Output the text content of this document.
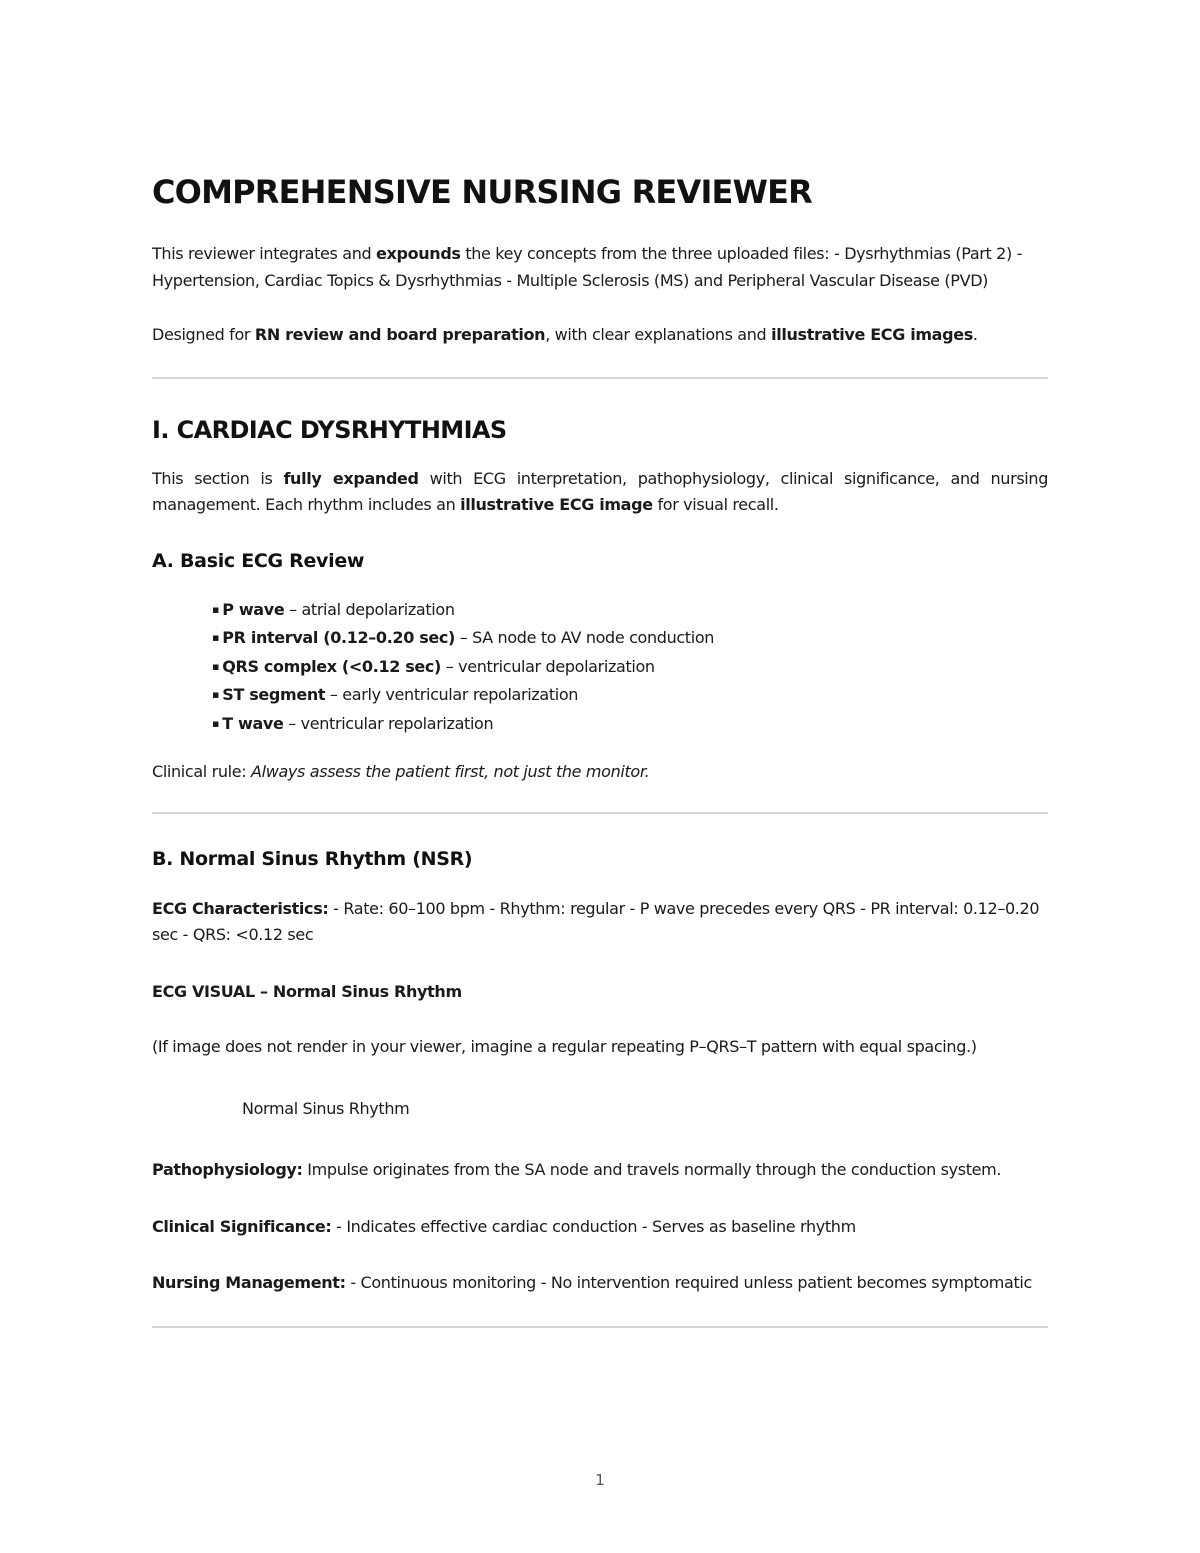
COMPREHENSIVE NURSING REVIEWER

This reviewer integrates and expounds the key concepts from the three uploaded files: - Dysrhythmias (Part 2) - Hypertension, Cardiac Topics & Dysrhythmias - Multiple Sclerosis (MS) and Peripheral Vascular Disease (PVD)

Designed for RN review and board preparation, with clear explanations and illustrative ECG images.

I. CARDIAC DYSRHYTHMIAS

This section is fully expanded with ECG interpretation, pathophysiology, clinical significance, and nursing management. Each rhythm includes an illustrative ECG image for visual recall.

A. Basic ECG Review
▪ P wave – atrial depolarization
▪ PR interval (0.12–0.20 sec) – SA node to AV node conduction
▪ QRS complex (<0.12 sec) – ventricular depolarization
▪ ST segment – early ventricular repolarization
▪ T wave – ventricular repolarization

Clinical rule: Always assess the patient first, not just the monitor.

B. Normal Sinus Rhythm (NSR)

ECG Characteristics: - Rate: 60–100 bpm - Rhythm: regular - P wave precedes every QRS - PR interval: 0.12–0.20 sec - QRS: <0.12 sec

ECG VISUAL – Normal Sinus Rhythm

(If image does not render in your viewer, imagine a regular repeating P–QRS–T pattern with equal spacing.)

Normal Sinus Rhythm

Pathophysiology: Impulse originates from the SA node and travels normally through the conduction system.

Clinical Significance: - Indicates effective cardiac conduction - Serves as baseline rhythm

Nursing Management: - Continuous monitoring - No intervention required unless patient becomes symptomatic

1
